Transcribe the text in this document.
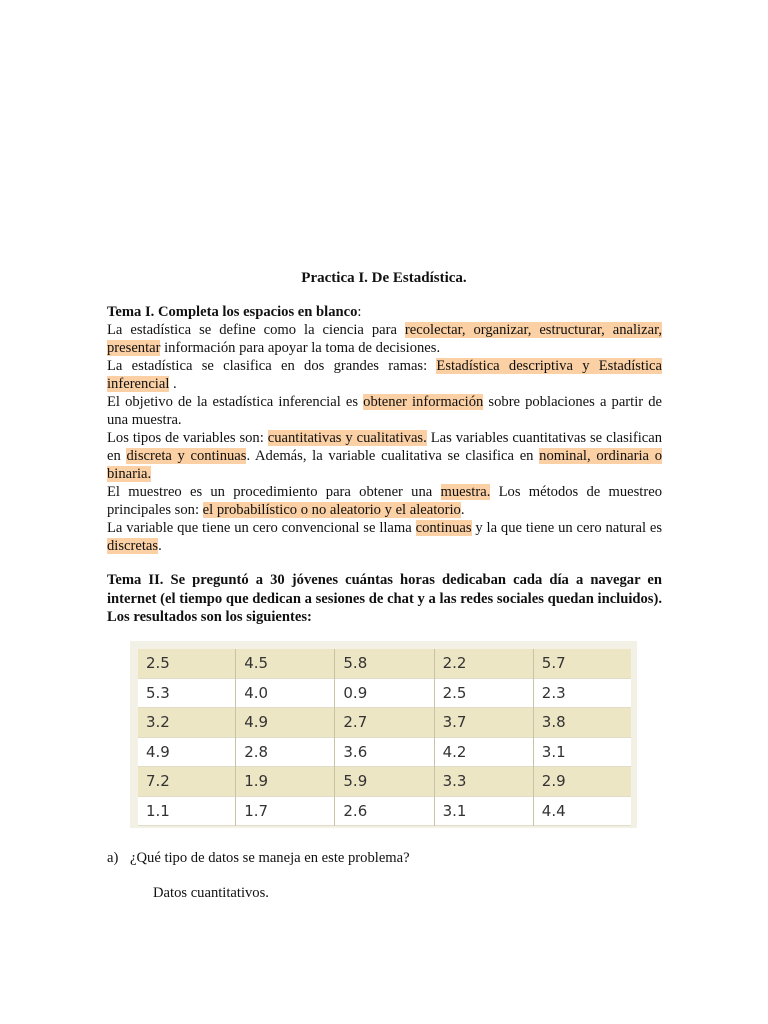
Practica I. De Estadística.

Tema I. Completa los espacios en blanco:

La estadística se define como la ciencia para recolectar, organizar, estructurar, analizar, presentar información para apoyar la toma de decisiones.

La estadística se clasifica en dos grandes ramas: Estadística descriptiva y Estadística inferencial .

El objetivo de la estadística inferencial es obtener información sobre poblaciones a partir de una muestra.

Los tipos de variables son: cuantitativas y cualitativas. Las variables cuantitativas se clasifican en discreta y continuas. Además, la variable cualitativa se clasifica en nominal, ordinaria o binaria.

El muestreo es un procedimiento para obtener una muestra. Los métodos de muestreo principales son: el probabilístico o no aleatorio y el aleatorio.

La variable que tiene un cero convencional se llama continuas y la que tiene un cero natural es discretas.

Tema II. Se preguntó a 30 jóvenes cuántas horas dedicaban cada día a navegar en internet (el tiempo que dedican a sesiones de chat y a las redes sociales quedan incluidos). Los resultados son los siguientes:
2.5	4.5	5.8	2.2	5.7
5.3	4.0	0.9	2.5	2.3
3.2	4.9	2.7	3.7	3.8
4.9	2.8	3.6	4.2	3.1
7.2	1.9	5.9	3.3	2.9
1.1	1.7	2.6	3.1	4.4
a) ¿Qué tipo de datos se maneja en este problema?
Datos cuantitativos.
